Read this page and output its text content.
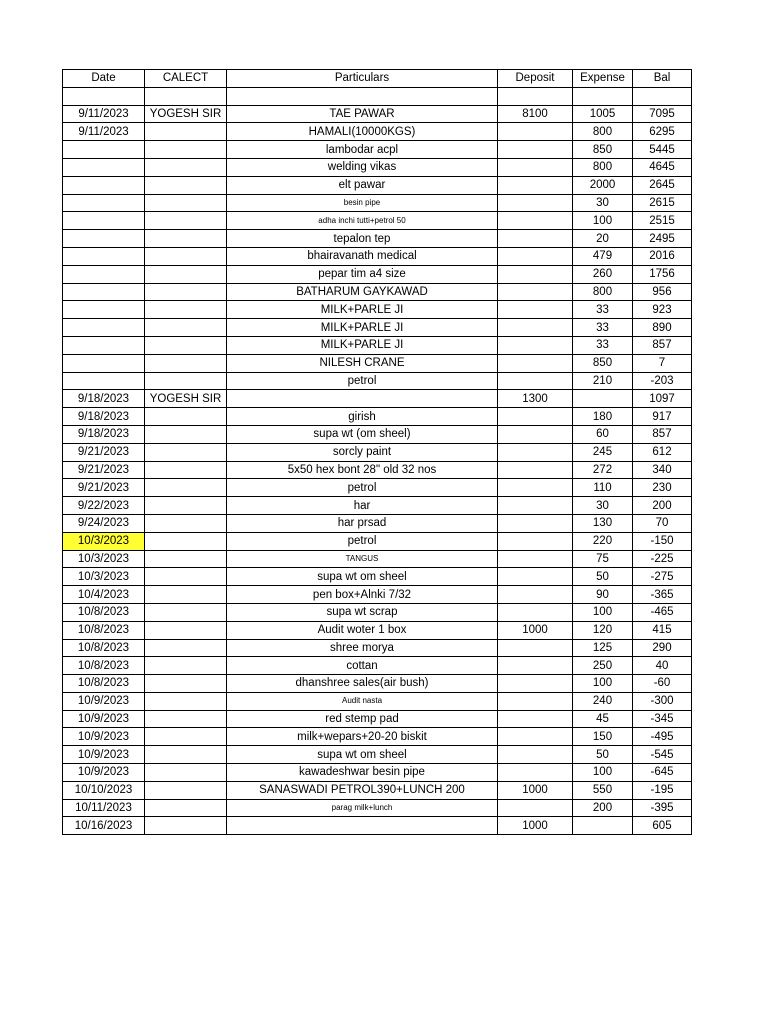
Date	CALECT	Particulars	Deposit	Expense	Bal

9/11/2023	YOGESH SIR	TAE PAWAR	8100	1005	7095
9/11/2023		HAMALI(10000KGS)		800	6295
		lambodar acpl		850	5445
		welding vikas		800	4645
		elt pawar		2000	2645
		besin pipe		30	2615
		adha inchi tutti+petrol 50		100	2515
		tepalon tep		20	2495
		bhairavanath medical		479	2016
		pepar tim a4 size		260	1756
		BATHARUM GAYKAWAD		800	956
		MILK+PARLE JI		33	923
		MILK+PARLE JI		33	890
		MILK+PARLE JI		33	857
		NILESH CRANE		850	7
		petrol		210	-203
9/18/2023	YOGESH SIR		1300		1097
9/18/2023		girish		180	917
9/18/2023		supa wt (om sheel)		60	857
9/21/2023		sorcly paint		245	612
9/21/2023		5x50 hex bont 28" old 32 nos		272	340
9/21/2023		petrol		110	230
9/22/2023		har		30	200
9/24/2023		har prsad		130	70
10/3/2023		petrol		220	-150
10/3/2023		TANGUS		75	-225
10/3/2023		supa wt om sheel		50	-275
10/4/2023		pen box+Alnki 7/32		90	-365
10/8/2023		supa wt scrap		100	-465
10/8/2023		Audit woter 1 box	1000	120	415
10/8/2023		shree morya		125	290
10/8/2023		cottan		250	40
10/8/2023		dhanshree sales(air bush)		100	-60
10/9/2023		Audit nasta		240	-300
10/9/2023		red stemp pad		45	-345
10/9/2023		milk+wepars+20-20 biskit		150	-495
10/9/2023		supa wt om sheel		50	-545
10/9/2023		kawadeshwar besin pipe		100	-645
10/10/2023		SANASWADI PETROL390+LUNCH 200	1000	550	-195
10/11/2023		parag milk+lunch		200	-395
10/16/2023			1000		605
